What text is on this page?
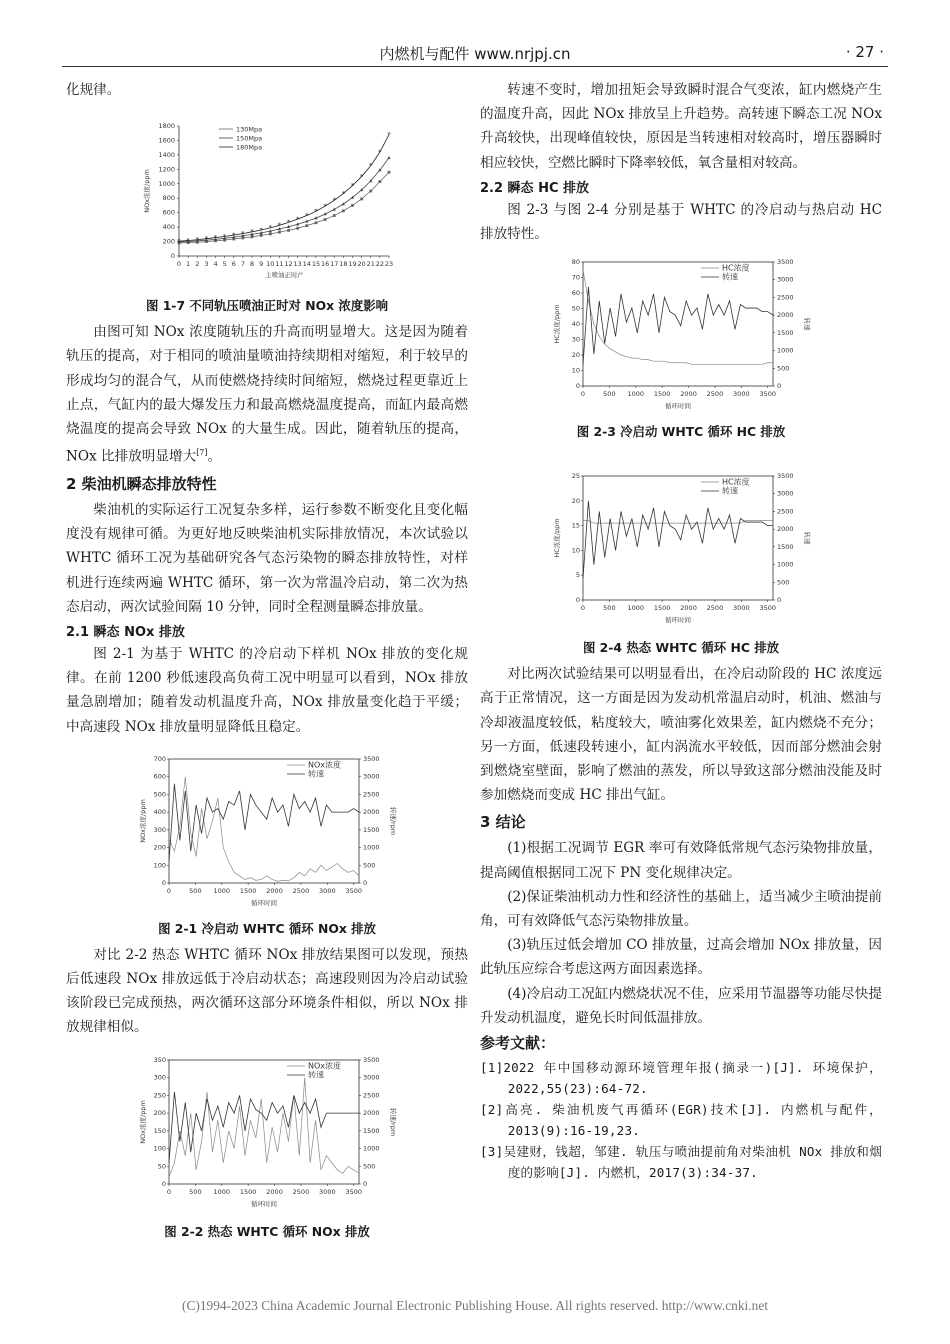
内燃机与配件 www.nrjpj.cn	· 27 ·

化规律。

0
200
400
600
800
1000
1200
1400
1600
1800
0 1 2 3 4 5 6 7 8 9 10 11 12 13 14 15 16 17 18 19 20 21 22 23
主喷油正时/°
NOx浓度/ppm
130Mpa
150Mpa
* * * * * * * * * * * * * * *
*
*
*
*
*
*
*
*
*
180Mpa
图 1-7 不同轨压喷油正时对 NOx 浓度影响

由图可知 NOx 浓度随轨压的升高而明显增大。这是因为随着轨压的提高，对于相同的喷油量喷油持续期相对缩短，利于较早的形成均匀的混合气，从而使燃烧持续时间缩短，燃烧过程更靠近上止点，气缸内的最大爆发压力和最高燃烧温度提高，而缸内最高燃烧温度的提高会导致 NOx 的大量生成。因此，随着轨压的提高，NOx 比排放明显增大[7]。

2 柴油机瞬态排放特性

柴油机的实际运行工况复杂多样，运行参数不断变化且变化幅度没有规律可循。为更好地反映柴油机实际排放情况，本次试验以 WHTC 循环工况为基础研究各气态污染物的瞬态排放特性，对样机进行连续两遍 WHTC 循环，第一次为常温冷启动，第二次为热态启动，两次试验间隔 10 分钟，同时全程测量瞬态排放量。

2.1 瞬态 NOx 排放

图 2-1 为基于 WHTC 的冷启动下样机 NOx 排放的变化规律。在前 1200 秒低速段高负荷工况中明显可以看到，NOx 排放量急剧增加；随着发动机温度升高，NOx 排放量变化趋于平缓；中高速段 NOx 排放量明显降低且稳定。

0
100
200
300
400
500
600
700
0
500
1000
1500
2000
2500
3000
3500
0	500 1000 1500 2000 2500 3000 3500
循环时间
NOx浓度/ppm	转速/rpm
NOx浓度
转速
图 2-1 冷启动 WHTC 循环 NOx 排放

对比 2-2 热态 WHTC 循环 NOx 排放结果图可以发现，预热后低速段 NOx 排放远低于冷启动状态；高速段则因为冷启动试验该阶段已完成预热，两次循环这部分环境条件相似，所以 NOx 排放规律相似。

0
50
100
150
200
250
300
350
0
500
1000
1500
2000
2500
3000
3500
0	500 1000 1500 2000 2500 3000 3500
循环时间
NOx浓度/ppm	转速/rpm
NOx浓度
转速
图 2-2 热态 WHTC 循环 NOx 排放

转速不变时，增加扭矩会导致瞬时混合气变浓，缸内燃烧产生的温度升高，因此 NOx 排放呈上升趋势。高转速下瞬态工况 NOx 升高较快，出现峰值较快，原因是当转速相对较高时，增压器瞬时相应较快，空燃比瞬时下降率较低，氧含量相对较高。

2.2 瞬态 HC 排放

图 2-3 与图 2-4 分别是基于 WHTC 的冷启动与热启动 HC 排放特性。

0
10
20
30
40
50
60
70
80
0
500
1000
1500
2000
2500
3000
3500
0	500 1000 1500 2000 2500 3000 3500
循环时间
HC浓度/ppm	转速
HC浓度
转速
图 2-3 冷启动 WHTC 循环 HC 排放
0
5
10
15
20
25
0
500
1000
1500
2000
2500
3000
3500
0	500 1000 1500 2000 2500 3000 3500
循环时间
HC浓度/ppm	转速
HC浓度
转速
图 2-4 热态 WHTC 循环 HC 排放

对比两次试验结果可以明显看出，在冷启动阶段的 HC 浓度远高于正常情况，这一方面是因为发动机常温启动时，机油、燃油与冷却液温度较低，粘度较大，喷油雾化效果差，缸内燃烧不充分；另一方面，低速段转速小，缸内涡流水平较低，因而部分燃油会射到燃烧室壁面，影响了燃油的蒸发，所以导致这部分燃油没能及时参加燃烧而变成 HC 排出气缸。

3 结论

(1)根据工况调节 EGR 率可有效降低常规气态污染物排放量，提高阈值根据同工况下 PN 变化规律决定。

(2)保证柴油机动力性和经济性的基础上，适当减少主喷油提前角，可有效降低气态污染物排放量。

(3)轨压过低会增加 CO 排放量，过高会增加 NOx 排放量，因此轨压应综合考虑这两方面因素选择。

(4)冷启动工况缸内燃烧状况不佳，应采用节温器等功能尽快提升发动机温度，避免长时间低温排放。

参考文献：

[1]2022 年中国移动源环境管理年报(摘录一)[J]. 环境保护，2022,55(23):64-72.

[2]高亮. 柴油机废气再循环(EGR)技术[J]. 内燃机与配件，2013(9):16-19,23.

[3]吴建财，钱超，邹建. 轨压与喷油提前角对柴油机 NOx 排放和烟度的影响[J]. 内燃机，2017(3):34-37.

(C)1994-2023 China Academic Journal Electronic Publishing House. All rights reserved. http://www.cnki.net
